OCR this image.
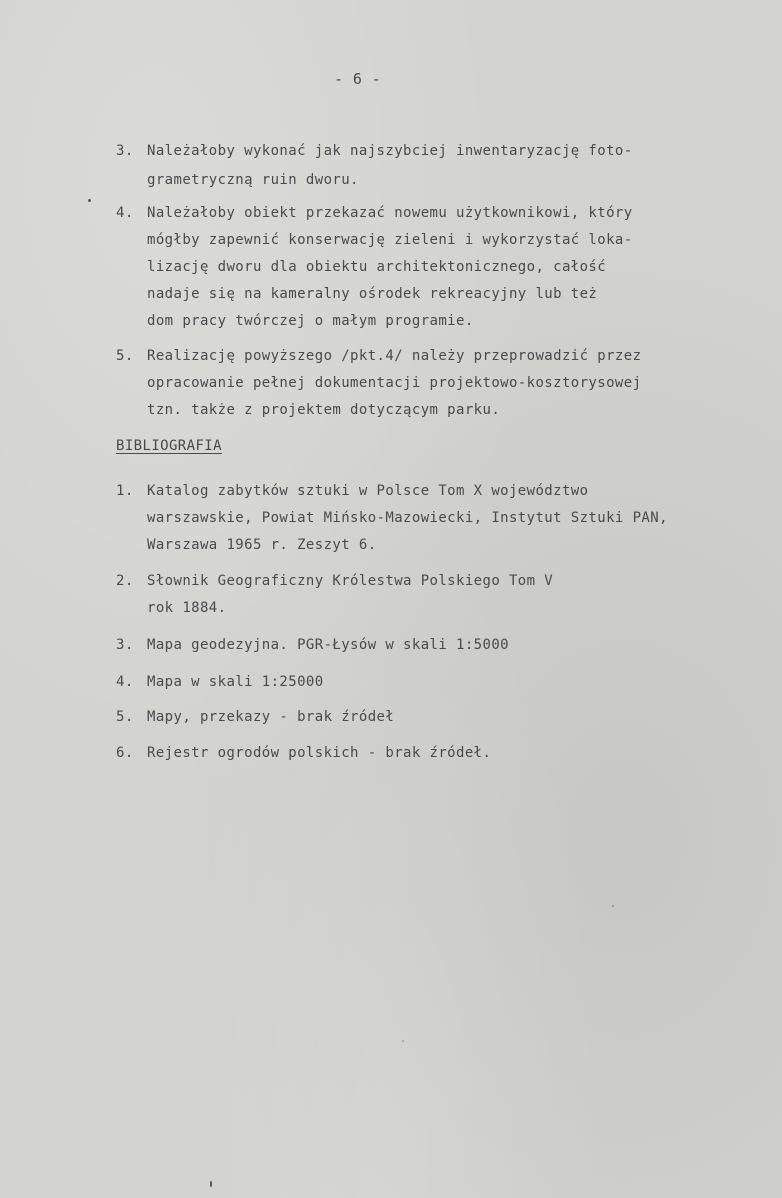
- 6 -
3. Należałoby wykonać jak najszybciej inwentaryzację foto-
grametryczną ruin dworu.
4. Należałoby obiekt przekazać nowemu użytkownikowi, który
mógłby zapewnić konserwację zieleni i wykorzystać loka-
lizację dworu dla obiektu architektonicznego, całość
nadaje się na kameralny ośrodek rekreacyjny lub też
dom pracy twórczej o małym programie.
5. Realizację powyższego /pkt.4/ należy przeprowadzić przez
opracowanie pełnej dokumentacji projektowo-kosztorysowej
tzn. także z projektem dotyczącym parku.
BIBLIOGRAFIA
1. Katalog zabytków sztuki w Polsce Tom X województwo
warszawskie, Powiat Mińsko-Mazowiecki, Instytut Sztuki PAN,
Warszawa 1965 r. Zeszyt 6.
2. Słownik Geograficzny Królestwa Polskiego Tom V
rok 1884.
3. Mapa geodezyjna. PGR-Łysów w skali 1:5000
4. Mapa w skali 1:25000
5. Mapy, przekazy - brak źródeł
6. Rejestr ogrodów polskich - brak źródeł.
